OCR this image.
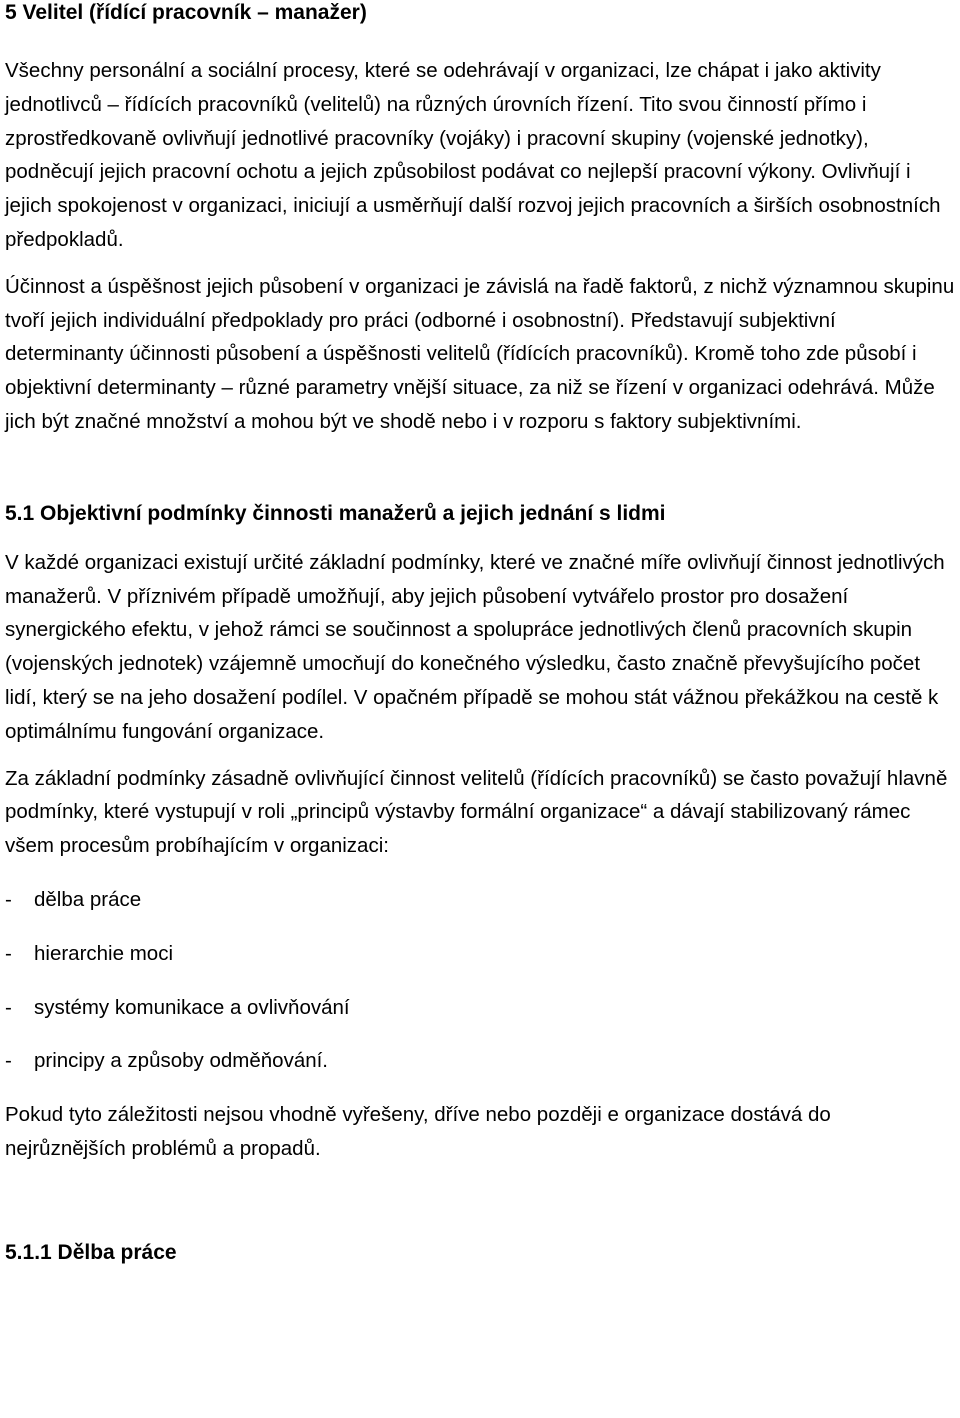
5 Velitel (řídící pracovník – manažer)

Všechny personální a sociální procesy, které se odehrávají v organizaci, lze chápat i jako aktivity jednotlivců – řídících pracovníků (velitelů) na různých úrovních řízení. Tito svou činností přímo i zprostředkovaně ovlivňují jednotlivé pracovníky (vojáky) i pracovní skupiny (vojenské jednotky), podněcují jejich pracovní ochotu a jejich způsobilost podávat co nejlepší pracovní výkony. Ovlivňují i jejich spokojenost v organizaci, iniciují a usměrňují další rozvoj jejich pracovních a širších osobnostních předpokladů.

Účinnost a úspěšnost jejich působení v organizaci je závislá na řadě faktorů, z nichž významnou skupinu tvoří jejich individuální předpoklady pro práci (odborné i osobnostní). Představují subjektivní determinanty účinnosti působení a úspěšnosti velitelů (řídících pracovníků). Kromě toho zde působí i objektivní determinanty – různé parametry vnější situace, za niž se řízení v organizaci odehrává. Může jich být značné množství a mohou být ve shodě nebo i v rozporu s faktory subjektivními.

5.1 Objektivní podmínky činnosti manažerů a jejich jednání s lidmi

V každé organizaci existují určité základní podmínky, které ve značné míře ovlivňují činnost jednotlivých manažerů. V příznivém případě umožňují, aby jejich působení vytvářelo prostor pro dosažení synergického efektu, v jehož rámci se součinnost a spolupráce jednotlivých členů pracovních skupin (vojenských jednotek) vzájemně umocňují do konečného výsledku, často značně převyšujícího počet lidí, který se na jeho dosažení podílel. V opačném případě se mohou stát vážnou překážkou na cestě k optimálnímu fungování organizace.

Za základní podmínky zásadně ovlivňující činnost velitelů (řídících pracovníků) se často považují hlavně podmínky, které vystupují v roli „principů výstavby formální organizace“ a dávají stabilizovaný rámec všem procesům probíhajícím v organizaci:

-	dělba práce
-	hierarchie moci
-	systémy komunikace a ovlivňování
-	principy a způsoby odměňování.

Pokud tyto záležitosti nejsou vhodně vyřešeny, dříve nebo později e organizace dostává do nejrůznějších problémů a propadů.

5.1.1 Dělba práce
